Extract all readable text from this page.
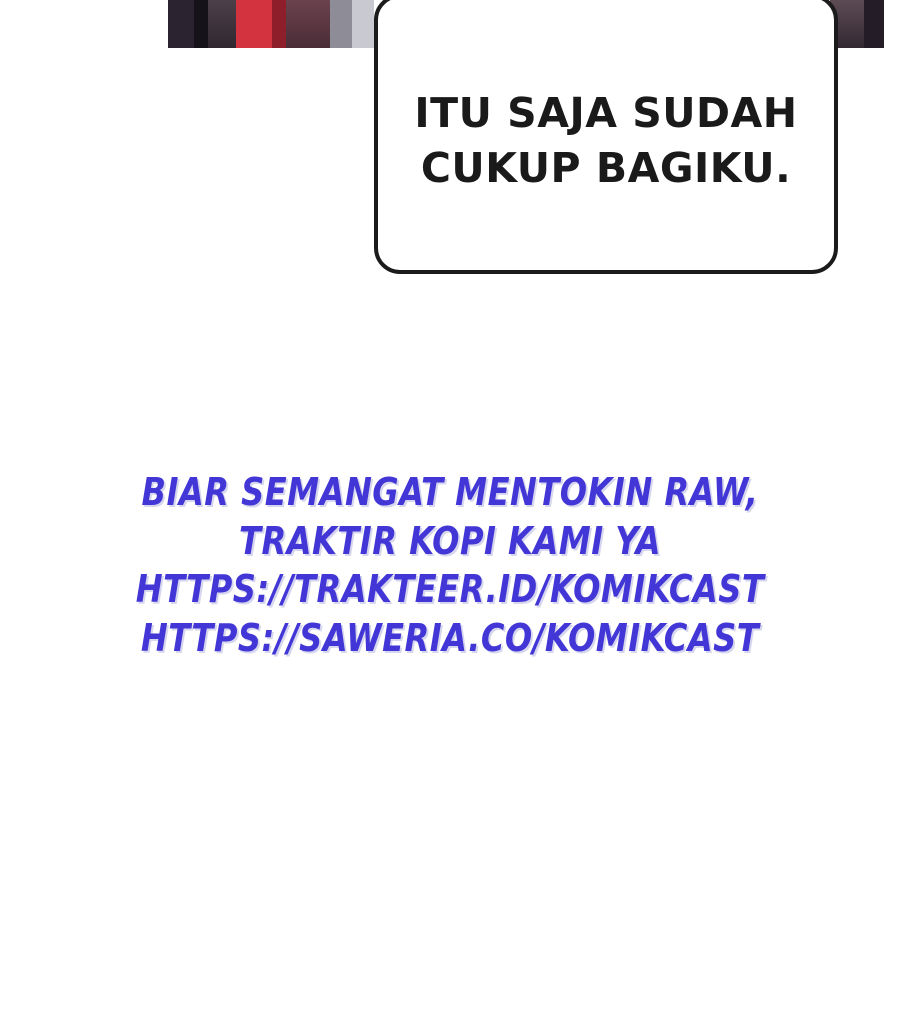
ITU SAJA SUDAH
CUKUP BAGIKU.
BIAR SEMANGAT MENTOKIN RAW,
TRAKTIR KOPI KAMI YA
HTTPS://TRAKTEER.ID/KOMIKCAST
HTTPS://SAWERIA.CO/KOMIKCAST
